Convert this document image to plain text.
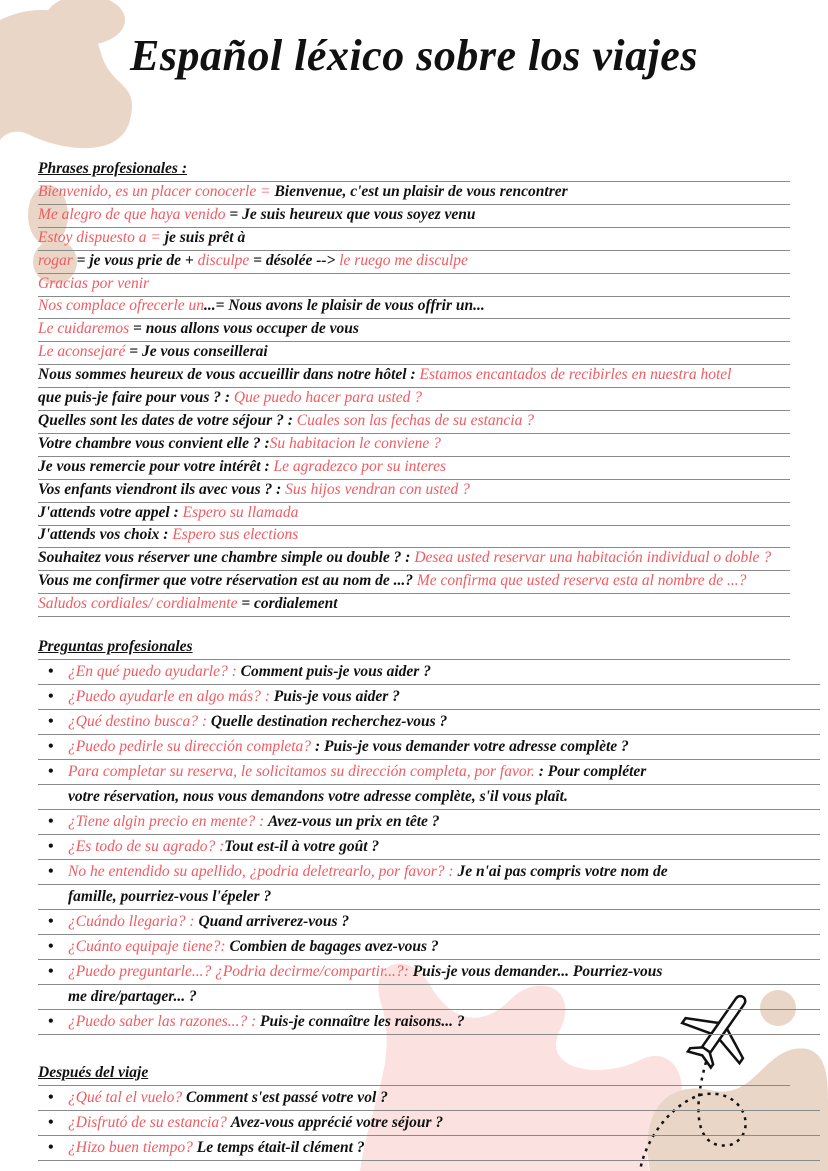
Español léxico sobre los viajes
Phrases profesionales :
Bienvenido, es un placer conocerle = Bienvenue, c'est un plaisir de vous rencontrer
Me alegro de que haya venido = Je suis heureux que vous soyez venu
Estoy dispuesto a = je suis prêt à
rogar = je vous prie de + disculpe = désolée --> le ruego me disculpe
Gracias por venir
Nos complace ofrecerle un...= Nous avons le plaisir de vous offrir un...
Le cuidaremos = nous allons vous occuper de vous
Le aconsejaré = Je vous conseillerai
Nous sommes heureux de vous accueillir dans notre hôtel : Estamos encantados de recibirles en nuestra hotel
que puis-je faire pour vous ? : Que puedo hacer para usted ?
Quelles sont les dates de votre séjour ? : Cuales son las fechas de su estancia ?
Votre chambre vous convient elle ? :Su habitacion le conviene ?
Je vous remercie pour votre intérêt : Le agradezco por su interes
Vos enfants viendront ils avec vous ? : Sus hijos vendran con usted ?
J'attends votre appel : Espero su llamada
J'attends vos choix : Espero sus elections
Souhaitez vous réserver une chambre simple ou double ? : Desea usted reservar una habitación individual o doble ?
Vous me confirmer que votre réservation est au nom de ...? Me confirma que usted reserva esta al nombre de ...?
Saludos cordiales/ cordialmente = cordialement
Preguntas profesionales
• ¿En qué puedo ayudarle? : Comment puis-je vous aider ?
• ¿Puedo ayudarle en algo más? : Puis-je vous aider ?
• ¿Qué destino busca? : Quelle destination recherchez-vous ?
• ¿Puedo pedirle su dirección completa? : Puis-je vous demander votre adresse complète ?
• Para completar su reserva, le solicitamos su dirección completa, por favor. : Pour compléter
votre réservation, nous vous demandons votre adresse complète, s'il vous plaît.
• ¿Tiene algin precio en mente? : Avez-vous un prix en tête ?
• ¿Es todo de su agrado? :Tout est-il à votre goût ?
• No he entendido su apellido, ¿podria deletrearlo, por favor? : Je n'ai pas compris votre nom de
famille, pourriez-vous l'épeler ?
• ¿Cuándo llegaria? : Quand arriverez-vous ?
• ¿Cuánto equipaje tiene?: Combien de bagages avez-vous ?
• ¿Puedo preguntarle...? ¿Podria decirme/compartir...?: Puis-je vous demander... Pourriez-vous
me dire/partager... ?
• ¿Puedo saber las razones...? : Puis-je connaître les raisons... ?
Después del viaje
• ¿Qué tal el vuelo? Comment s'est passé votre vol ?
• ¿Disfrutó de su estancia? Avez-vous apprécié votre séjour ?
• ¿Hizo buen tiempo? Le temps était-il clément ?
